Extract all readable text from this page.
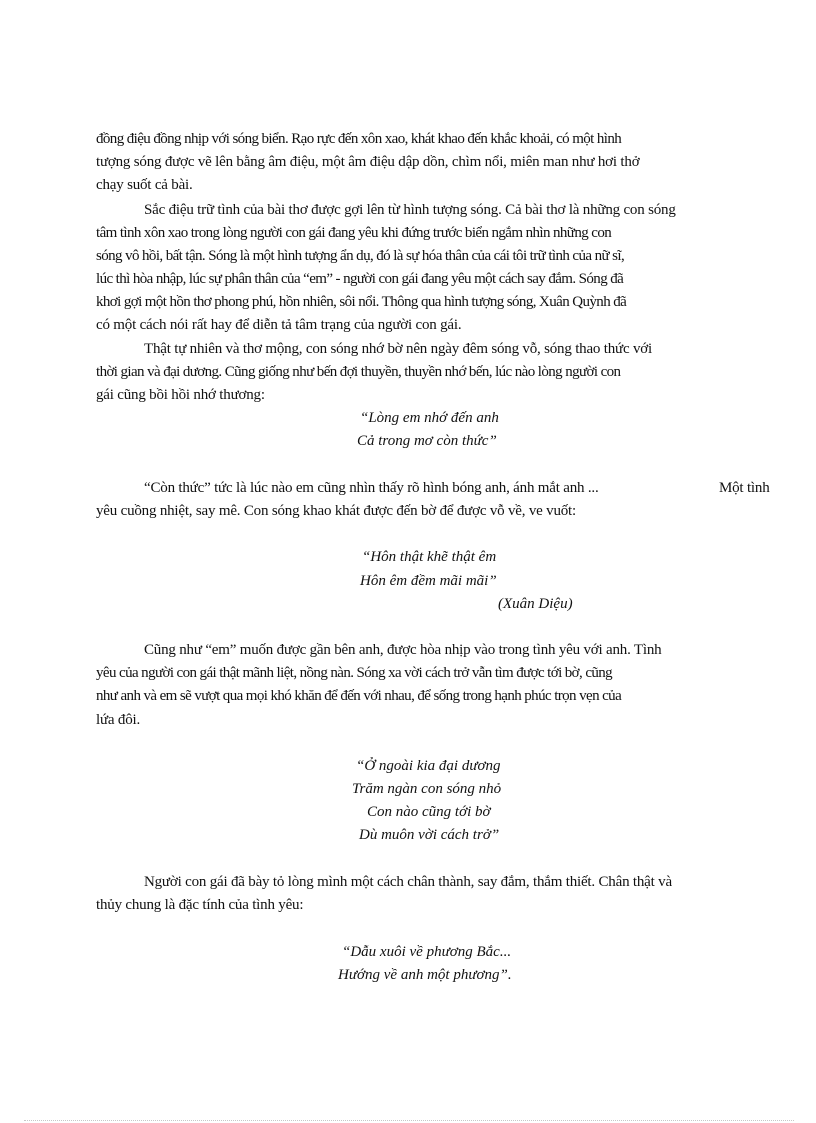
đồng điệu đồng nhịp với sóng biển. Rạo rực đến xôn xao, khát khao đến khắc khoải, có một hình
tượng sóng được vẽ lên bằng âm điệu, một âm điệu dập dồn, chìm nổi, miên man như hơi thở
chạy suốt cả bài.
Sắc điệu trữ tình của bài thơ được gợi lên từ hình tượng sóng. Cả bài thơ là những con sóng
tâm tình xôn xao trong lòng người con gái đang yêu khi đứng trước biển ngắm nhìn những con
sóng vô hồi, bất tận. Sóng là một hình tượng ẩn dụ, đó là sự hóa thân của cái tôi trữ tình của nữ sĩ,
lúc thì hòa nhập, lúc sự phân thân của “em” - người con gái đang yêu một cách say đắm. Sóng đã
khơi gợi một hồn thơ phong phú, hồn nhiên, sôi nổi. Thông qua hình tượng sóng, Xuân Quỳnh đã
có một cách nói rất hay để diễn tả tâm trạng của người con gái.
Thật tự nhiên và thơ mộng, con sóng nhớ bờ nên ngày đêm sóng vỗ, sóng thao thức với
thời gian và đại dương. Cũng giống như bến đợi thuyền, thuyền nhớ bến, lúc nào lòng người con
gái cũng bồi hồi nhớ thương:
“Lòng em nhớ đến anh
Cả trong mơ còn thức”
“Còn thức” tức là lúc nào em cũng nhìn thấy rõ hình bóng anh, ánh mắt anh ...	Một tình
yêu cuồng nhiệt, say mê. Con sóng khao khát được đến bờ để được vỗ về, ve vuốt:
“Hôn thật khẽ thật êm
Hôn êm đềm mãi mãi”
(Xuân Diệu)
Cũng như “em” muốn được gần bên anh, được hòa nhịp vào trong tình yêu với anh. Tình
yêu của người con gái thật mãnh liệt, nồng nàn. Sóng xa vời cách trở vẫn tìm được tới bờ, cũng
như anh và em sẽ vượt qua mọi khó khăn để đến với nhau, để sống trong hạnh phúc trọn vẹn của
lứa đôi.
“Ở ngoài kia đại dương
Trăm ngàn con sóng nhỏ
Con nào cũng tới bờ
Dù muôn vời cách trở”
Người con gái đã bày tỏ lòng mình một cách chân thành, say đắm, thắm thiết. Chân thật và
thủy chung là đặc tính của tình yêu:
“Dẫu xuôi về phương Bắc...
Hướng về anh một phương”.
